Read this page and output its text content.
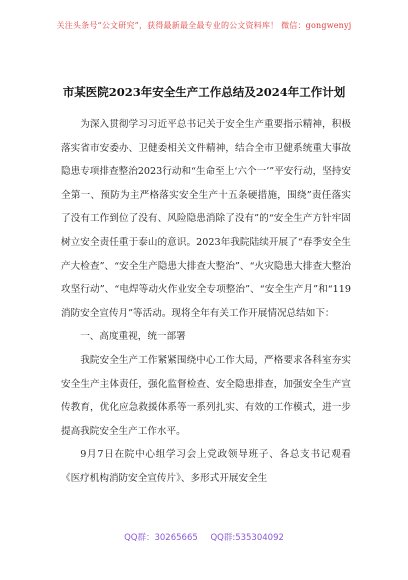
关注头条号“公文研究”，获得最新最全最专业的公文资料库！ 微信：gongwenyj
市某医院2023年安全生产工作总结及2024年工作计划

为深入贯彻学习习近平总书记关于安全生产重要指示精神，积极落实省市安委办、卫健委相关文件精神，结合全市卫健系统重大事故隐患专项排查整治2023行动和“生命至上‘六个一’”平安行动，坚持安全第一、预防为主严格落实安全生产十五条硬措施，围绕”责任落实了没有工作到位了没有、风险隐患消除了没有”的“安全生产方针牢固树立安全责任重于泰山的意识。2023年我院陆续开展了“春季安全生产大检查”、“安全生产隐患大排查大整治”、“火灾隐患大排查大整治攻坚行动”、“电焊等动火作业安全专项整治”、“安全生产月”和“119消防安全宣传月”等活动。现将全年有关工作开展情况总结如下：

一、高度重视，统一部署

我院安全生产工作紧紧围绕中心工作大局，严格要求各科室夯实安全生产主体责任，强化监督检查、安全隐患排查，加强安全生产宣传教育，优化应急救援体系等一系列扎实、有效的工作模式，进一步提高我院安全生产工作水平。

9月7日在院中心组学习会上党政领导班子、各总支书记观看《医疗机构消防安全宣传片》、多形式开展安全生

QQ群：30265665 QQ群:535304092
